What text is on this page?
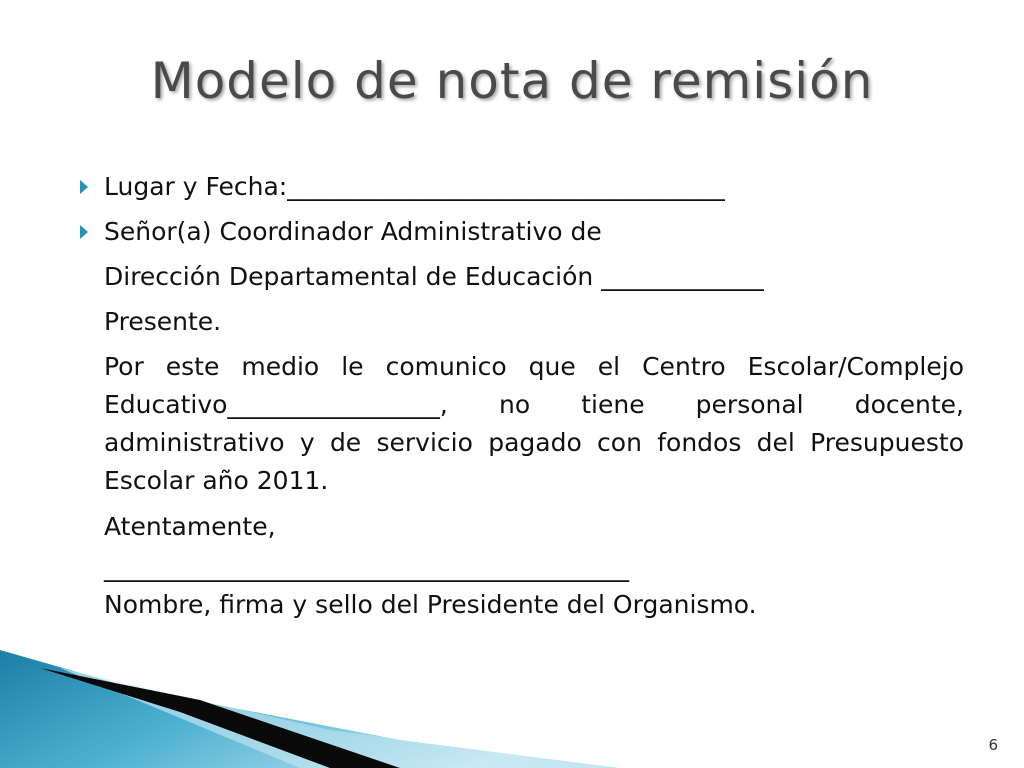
Modelo de nota de remisión
Lugar y Fecha:___________________________________
Señor(a) Coordinador Administrativo de
Dirección Departamental de Educación _____________
Presente.
Por este medio le comunico que el Centro Escolar/Complejo Educativo_________________, no tiene personal docente, administrativo y de servicio pagado con fondos del Presupuesto Escolar año 2011.
Atentamente,
__________________________________________
Nombre, firma y sello del Presidente del Organismo.
6
